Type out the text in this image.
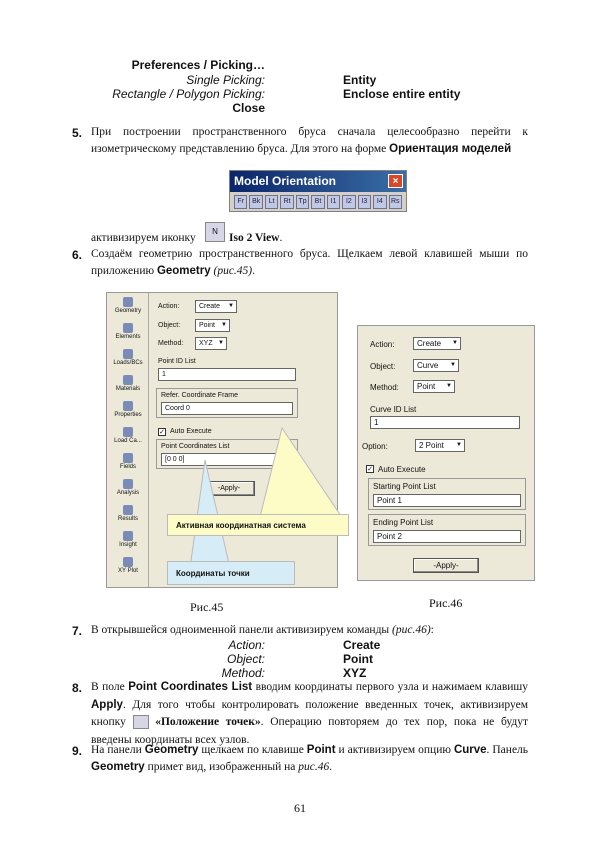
Preferences / Picking…
Single Picking:	Entity
Rectangle / Polygon Picking:	Enclose entire entity
Close
5. При построении пространственного бруса сначала целесообразно перейти к изометрическому представлению бруса. Для этого на форме Ориентация моделей
Model Orientation	×
Fr	Bk	Lt	Rt	Tp	Bt	I1	I2	I3	I4	Rs
активизируем иконку
N
Iso 2 View.
6. Создаём геометрию пространственного бруса. Щелкаем левой клавишей мыши по приложению Geometry (рис.45).
Geometry
Elements
Loads/BCs
Materials
Properties
Load Ca...
Fields
Analysis
Results
Insight
XY Plot
Action:	Create ▼
Object:	Point ▼
Method:	XYZ ▼
Point ID List
1
Refer. Coordinate Frame
Coord 0
✓ Auto Execute
Point Coordinates List
[0 0 0]
-Apply-
Активная координатная система
Координаты точки
Рис.45
Action:	Create ▼
Object:	Curve ▼
Method:	Point ▼
Curve ID List
1
Option:	2 Point ▼
✓ Auto Execute
Starting Point List
Point 1
Ending Point List
Point 2
-Apply-
Рис.46
7. В открывшейся одноименной панели активизируем команды (рис.46):
Action:	Create
Object:	Point
Method:	XYZ
8. В поле Point Coordinates List вводим координаты первого узла и нажимаем клавишу Apply. Для того чтобы контролировать положение введенных точек, активизируем кнопку	«Положение точек». Операцию повторяем до тех пор, пока не будут введены координаты всех узлов.
9. На панели Geometry щелкаем по клавише Point и активизируем опцию Curve. Панель Geometry примет вид, изображенный на рис.46.
61
